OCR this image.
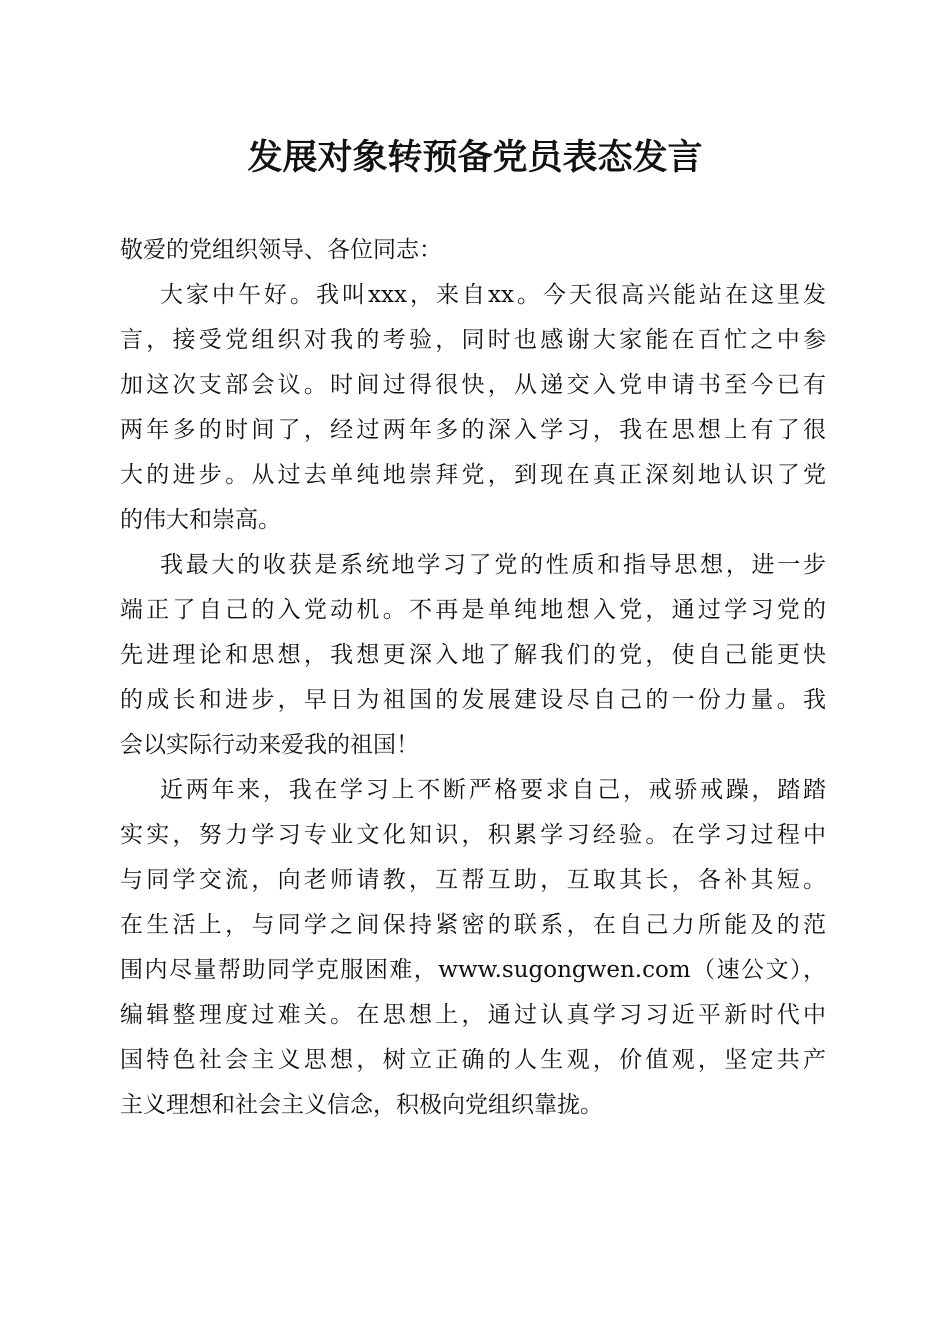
发展对象转预备党员表态发言

敬爱的党组织领导、各位同志：

大家中午好。我叫xxx，来自xx。今天很高兴能站在这里发
言，接受党组织对我的考验，同时也感谢大家能在百忙之中参
加这次支部会议。时间过得很快，从递交入党申请书至今已有
两年多的时间了，经过两年多的深入学习，我在思想上有了很
大的进步。从过去单纯地崇拜党，到现在真正深刻地认识了党
的伟大和崇高。
我最大的收获是系统地学习了党的性质和指导思想，进一步
端正了自己的入党动机。不再是单纯地想入党，通过学习党的
先进理论和思想，我想更深入地了解我们的党，使自己能更快
的成长和进步，早日为祖国的发展建设尽自己的一份力量。我
会以实际行动来爱我的祖国！
近两年来，我在学习上不断严格要求自己，戒骄戒躁，踏踏
实实，努力学习专业文化知识，积累学习经验。在学习过程中
与同学交流，向老师请教，互帮互助，互取其长，各补其短。
在生活上，与同学之间保持紧密的联系，在自己力所能及的范
围内尽量帮助同学克服困难，www.sugongwen.com（速公文），
编辑整理度过难关。在思想上，通过认真学习习近平新时代中
国特色社会主义思想，树立正确的人生观，价值观，坚定共产
主义理想和社会主义信念，积极向党组织靠拢。
